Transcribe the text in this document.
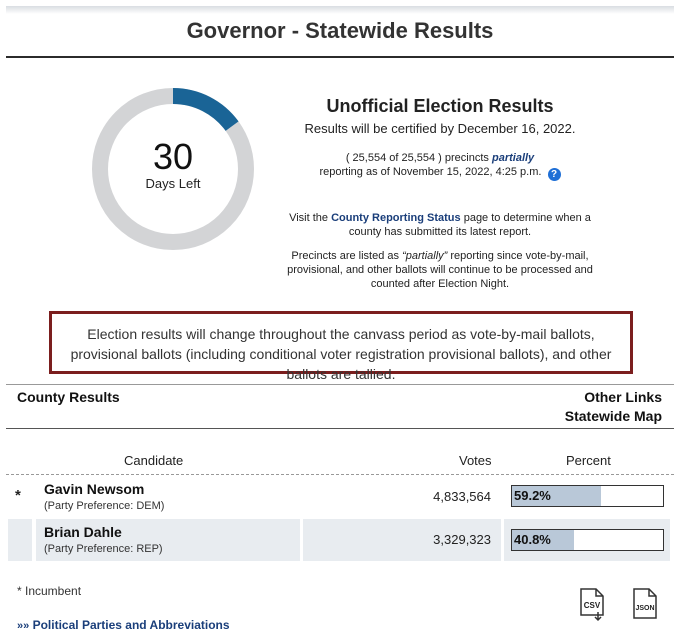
Governor - Statewide Results
30
Days Left
Unofficial Election Results
Results will be certified by December 16, 2022.
( 25,554 of 25,554 ) precincts partially
reporting as of November 15, 2022, 4:25 p.m. ?
Visit the County Reporting Status page to determine when a county has submitted its latest report.
Precincts are listed as “partially” reporting since vote-by-mail, provisional, and other ballots will continue to be processed and counted after Election Night.
Election results will change throughout the canvass period as vote-by-mail ballots, provisional ballots (including conditional voter registration provisional ballots), and other ballots are tallied.
County Results	Other Links
Statewide Map
Candidate	Votes	Percent
* Gavin Newsom
(Party Preference: DEM)
4,833,564 59.2%
Brian Dahle
(Party Preference: REP)
3,329,323 40.8%
* Incumbent
»» Political Parties and Abbreviations
CSV	JSON
